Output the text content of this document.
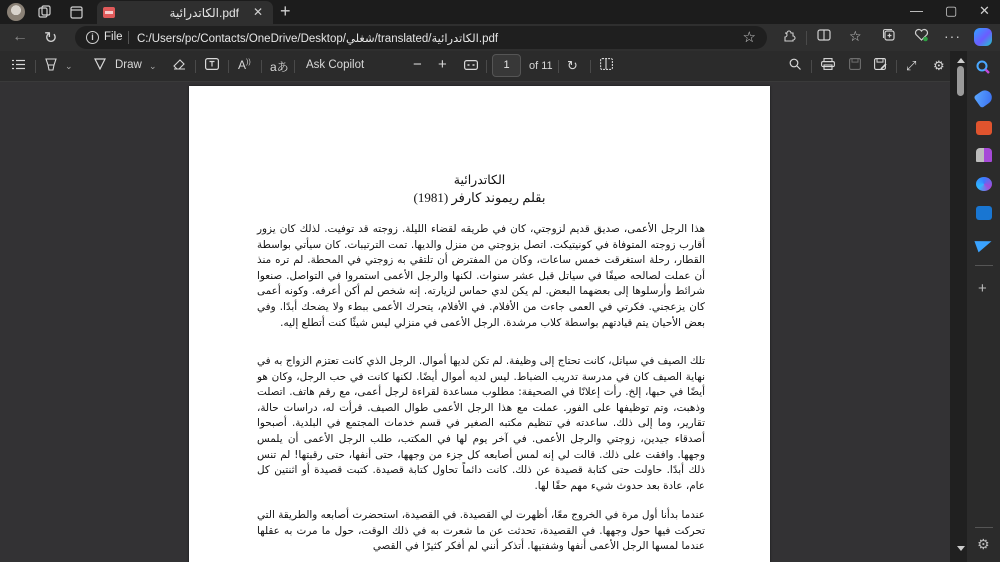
الكاتدرائية.pdf ✕ +	— ▢ ✕
← ↻	i File C:/Users/pc/Contacts/OneDrive/Desktop/شغلي/translated/الكاتدرائية.pdf	☆	☆	···
⌄	Draw ⌄	A)) aあ Ask Copilot	− +	1	of 11 ↻	⤢ ⚙
الكاتدرائية
بقلم ريموند كارفر (1981)

هذا الرجل الأعمى، صديق قديم لزوجتي، كان في طريقه لقضاء الليلة. زوجته قد توفيت. لذلك كان يزور أقارب زوجته المتوفاة في كونيتيكت. اتصل بزوجتي من منزل والديها. تمت الترتيبات. كان سيأتي بواسطة القطار، رحلة استغرقت خمس ساعات، وكان من المفترض أن تلتقي به زوجتي في المحطة. لم تره منذ أن عملت لصالحه صيفًا في سياتل قبل عشر سنوات. لكنها والرجل الأعمى استمروا في التواصل. صنعوا شرائط وأرسلوها إلى بعضهما البعض. لم يكن لدي حماس لزيارته. إنه شخص لم أكن أعرفه. وكونه أعمى كان يزعجني. فكرتي في العمى جاءت من الأفلام. في الأفلام، يتحرك الأعمى ببطء ولا يضحك أبدًا. وفي بعض الأحيان يتم قيادتهم بواسطة كلاب مرشدة. الرجل الأعمى في منزلي ليس شيئًا كنت أتطلع إليه.

تلك الصيف في سياتل، كانت تحتاج إلى وظيفة. لم تكن لديها أموال. الرجل الذي كانت تعتزم الزواج به في نهاية الصيف كان في مدرسة تدريب الضباط. ليس لديه أموال أيضًا. لكنها كانت في حب الرجل، وكان هو أيضًا في حبها، إلخ. رأت إعلانًا في الصحيفة: مطلوب مساعدة لقراءة لرجل أعمى، مع رقم هاتف. اتصلت وذهبت، وتم توظيفها على الفور. عملت مع هذا الرجل الأعمى طوال الصيف. قرأت له، دراسات حالة، تقارير، وما إلى ذلك. ساعدته في تنظيم مكتبه الصغير في قسم خدمات المجتمع في البلدية. أصبحوا أصدقاء جيدين، زوجتي والرجل الأعمى. في آخر يوم لها في المكتب، طلب الرجل الأعمى أن يلمس وجهها. وافقت على ذلك. قالت لي إنه لمس أصابعه كل جزء من وجهها، حتى أنفها، حتى رقبتها! لم تنس ذلك أبدًا. حاولت حتى كتابة قصيدة عن ذلك. كانت دائماً تحاول كتابة قصيدة. كتبت قصيدة أو اثنتين كل عام، عادة بعد حدوث شيء مهم حقًا لها.

عندما بدأنا أول مرة في الخروج معًا، أظهرت لي القصيدة. في القصيدة، استحضرت أصابعه والطريقة التي تحركت فيها حول وجهها. في القصيدة، تحدثت عن ما شعرت به في ذلك الوقت، حول ما مرت به عقلها عندما لمسها الرجل الأعمى أنفها وشفتيها. أتذكر أنني لم أفكر كثيرًا في القصي

+
⚙
